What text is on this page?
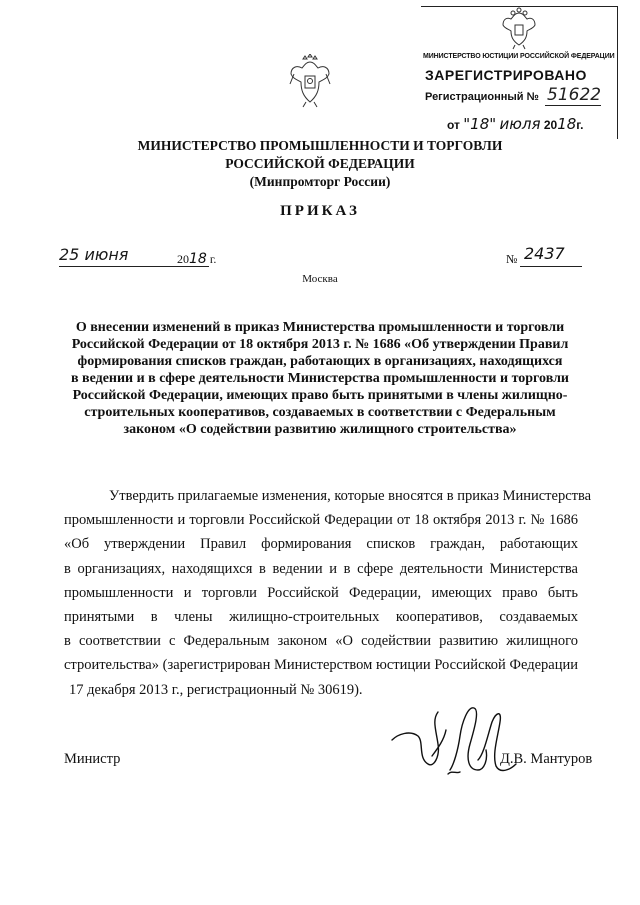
МИНИСТЕРСТВО ЮСТИЦИИ РОССИЙСКОЙ ФЕДЕРАЦИИ
ЗАРЕГИСТРИРОВАНО
Регистрационный № 51622
от "18" июля 2018г.
МИНИСТЕРСТВО ПРОМЫШЛЕННОСТИ И ТОРГОВЛИ
РОССИЙСКОЙ ФЕДЕРАЦИИ
(Минпромторг России)
ПРИКАЗ
25 июня	2018 г.	№ 2437
Москва
О внесении изменений в приказ Министерства промышленности и торговли
Российской Федерации от 18 октября 2013 г. № 1686 «Об утверждении Правил
формирования списков граждан, работающих в организациях, находящихся
в ведении и в сфере деятельности Министерства промышленности и торговли
Российской Федерации, имеющих право быть принятыми в члены жилищно-
строительных кооперативов, создаваемых в соответствии с Федеральным
законом «О содействии развитию жилищного строительства»
Утвердить прилагаемые изменения, которые вносятся в приказ Министерства
промышленности и торговли Российской Федерации от 18 октября 2013 г. № 1686
«Об утверждении Правил формирования списков граждан, работающих
в организациях, находящихся в ведении и в сфере деятельности Министерства
промышленности и торговли Российской Федерации, имеющих право быть
принятыми в члены жилищно-строительных кооперативов, создаваемых
в соответствии с Федеральным законом «О содействии развитию жилищного
строительства» (зарегистрирован Министерством юстиции Российской Федерации
17 декабря 2013 г., регистрационный № 30619).
Министр	Д.В. Мантуров
